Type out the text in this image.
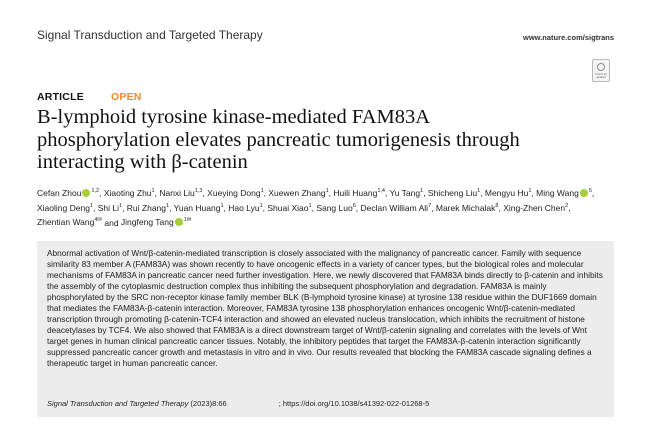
Signal Transduction and Targeted Therapy	www.nature.com/sigtrans
Check for updates
ARTICLE	OPEN
B-lymphoid tyrosine kinase-mediated FAM83A
phosphorylation elevates pancreatic tumorigenesis through
interacting with β-catenin
Cefan Zhou $^{1,2}$, Xiaoting Zhu$^1$, Nanxi Liu$^{1,3}$, Xueying Dong$^1$, Xuewen Zhang$^1$, Huili Huang$^{1,4}$, Yu Tang$^1$, Shicheng Liu$^1$, Mengyu Hu$^1$, Ming Wang $^5$,
Xiaoling Deng$^1$, Shi Li$^1$, Rui Zhang$^1$, Yuan Huang$^1$, Hao Lyu$^1$, Shuai Xiao$^1$, Sang Luo$^6$, Declan William Ali$^7$, Marek Michalak$^8$, Xing-Zhen Chen$^2$,
Zhentian Wang$^{4✉}$ and Jingfeng Tang $^{1✉}$

Abnormal activation of Wnt/β-catenin-mediated transcription is closely associated with the malignancy of pancreatic cancer. Family with sequence similarity 83 member A (FAM83A) was shown recently to have oncogenic effects in a variety of cancer types, but the biological roles and molecular mechanisms of FAM83A in pancreatic cancer need further investigation. Here, we newly discovered that FAM83A binds directly to β-catenin and inhibits the assembly of the cytoplasmic destruction complex thus inhibiting the subsequent phosphorylation and degradation. FAM83A is mainly phosphorylated by the SRC non-receptor kinase family member BLK (B-lymphoid tyrosine kinase) at tyrosine 138 residue within the DUF1669 domain that mediates the FAM83A-β-catenin interaction. Moreover, FAM83A tyrosine 138 phosphorylation enhances oncogenic Wnt/β-catenin-mediated transcription through promoting β-catenin-TCF4 interaction and showed an elevated nucleus translocation, which inhibits the recruitment of histone deacetylases by TCF4. We also showed that FAM83A is a direct downstream target of Wnt/β-catenin signaling and correlates with the levels of Wnt target genes in human clinical pancreatic cancer tissues. Notably, the inhibitory peptides that target the FAM83A-β-catenin interaction significantly suppressed pancreatic cancer growth and metastasis in vitro and in vivo. Our results revealed that blocking the FAM83A cascade signaling defines a therapeutic target in human pancreatic cancer.

Signal Transduction and Targeted Therapy (2023)8:66	; https://doi.org/10.1038/s41392-022-01268-5
